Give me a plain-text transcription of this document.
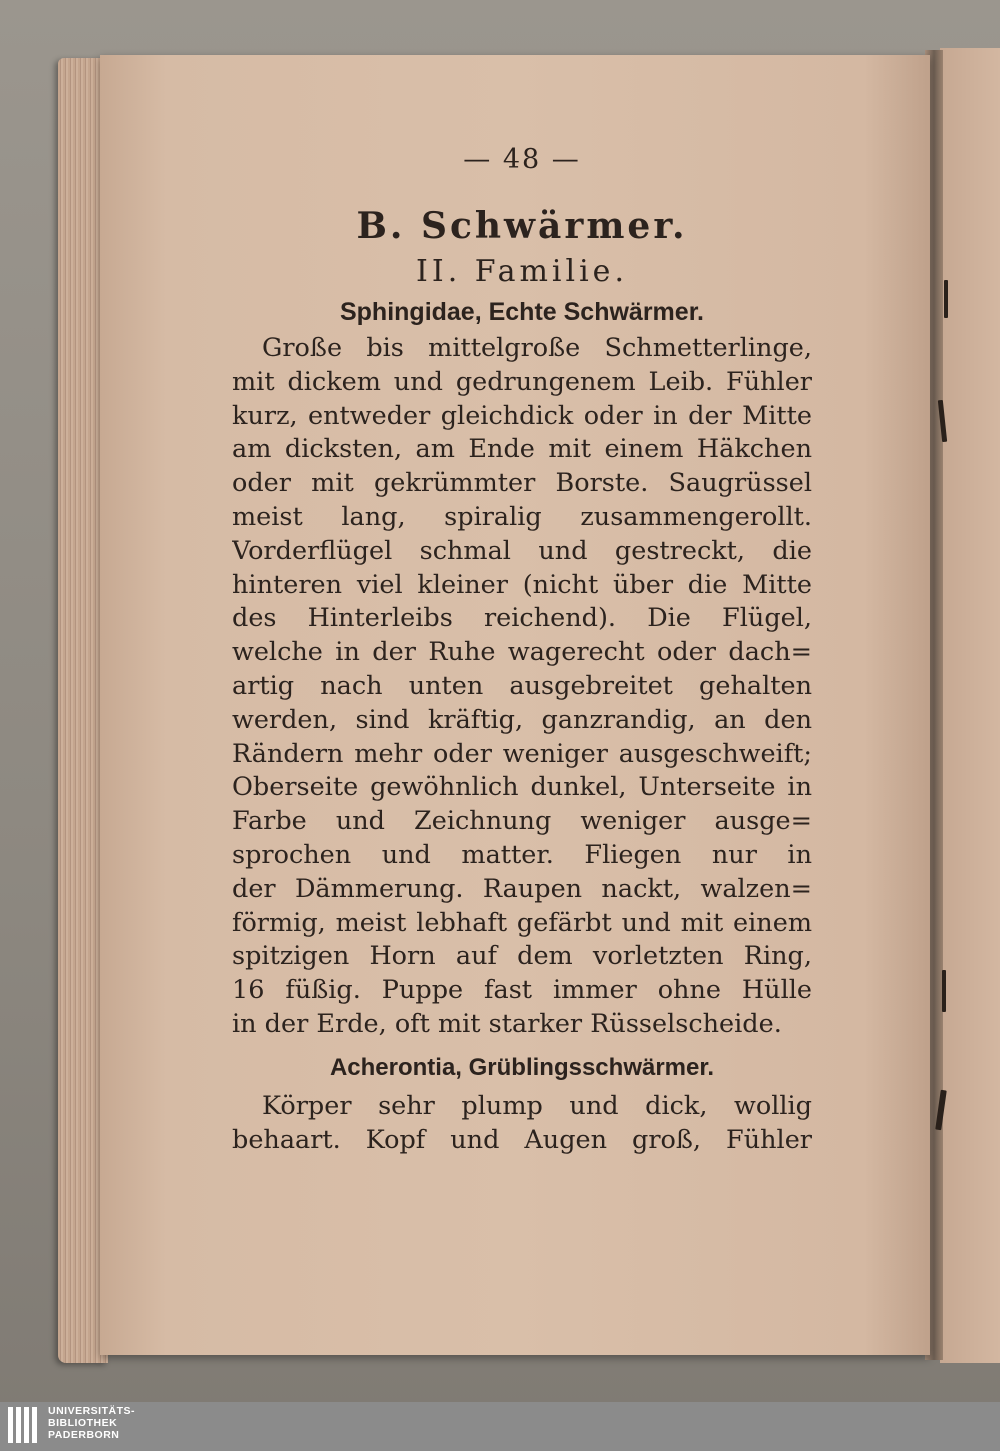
— 48 —
B. Schwärmer.
II. Familie.
Sphingidae, Echte Schwärmer.
Große bis mittelgroße Schmetterlinge,
mit dickem und gedrungenem Leib. Fühler
kurz, entweder gleichdick oder in der Mitte
am dicksten, am Ende mit einem Häkchen
oder mit gekrümmter Borste. Saugrüssel
meist lang, spiralig zusammengerollt.
Vorderflügel schmal und gestreckt, die
hinteren viel kleiner (nicht über die Mitte
des Hinterleibs reichend). Die Flügel,
welche in der Ruhe wagerecht oder dach=
artig nach unten ausgebreitet gehalten
werden, sind kräftig, ganzrandig, an den
Rändern mehr oder weniger ausgeschweift;
Oberseite gewöhnlich dunkel, Unterseite in
Farbe und Zeichnung weniger ausge=
sprochen und matter. Fliegen nur in
der Dämmerung. Raupen nackt, walzen=
förmig, meist lebhaft gefärbt und mit einem
spitzigen Horn auf dem vorletzten Ring,
16 füßig. Puppe fast immer ohne Hülle
in der Erde, oft mit starker Rüsselscheide.
Acherontia, Grüblingsschwärmer.
Körper sehr plump und dick, wollig
behaart. Kopf und Augen groß, Fühler
UNIVERSITÄTS-
BIBLIOTHEK
PADERBORN
